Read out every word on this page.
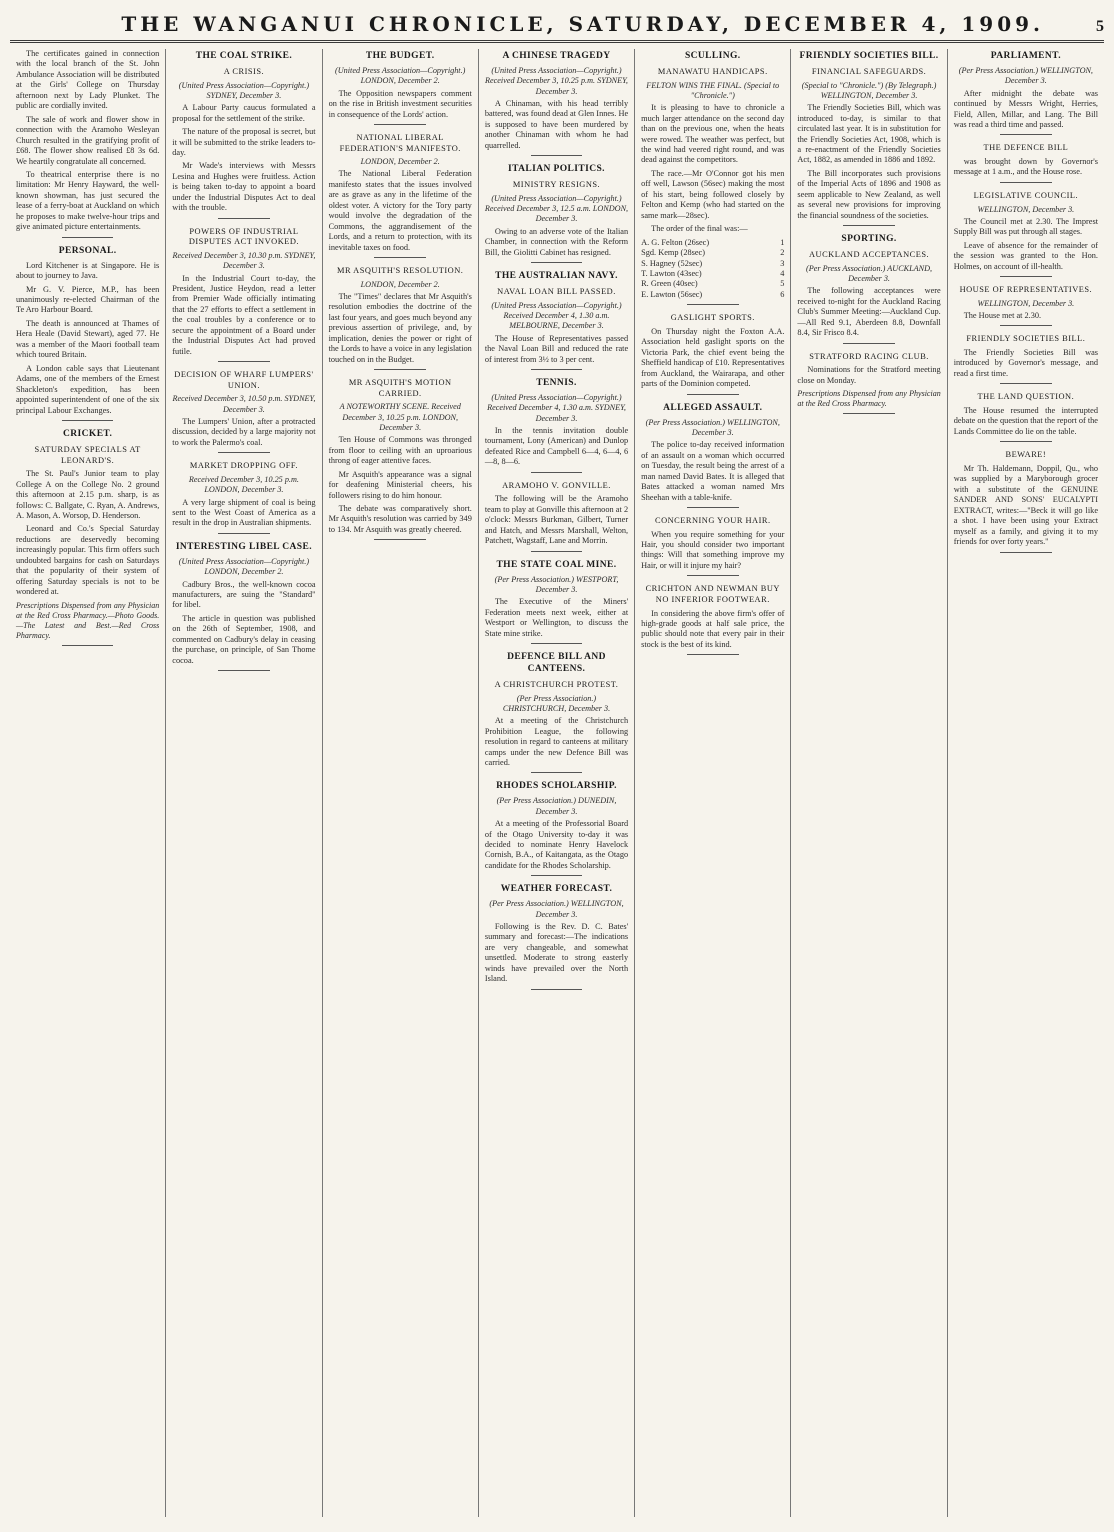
THE WANGANUI CHRONICLE, SATURDAY, DECEMBER 4, 1909.	5

The certificates gained in connection with the local branch of the St. John Ambulance Association will be distributed at the Girls' College on Thursday afternoon next by Lady Plunket. The public are cordially invited.

The sale of work and flower show in connection with the Aramoho Wesleyan Church resulted in the gratifying profit of £68. The flower show realised £8 3s 6d. We heartily congratulate all concerned.

To theatrical enterprise there is no limitation: Mr Henry Hayward, the well-known showman, has just secured the lease of a ferry-boat at Auckland on which he proposes to make twelve-hour trips and give animated picture entertainments.

PERSONAL.

Lord Kitchener is at Singapore. He is about to journey to Java.

Mr G. V. Pierce, M.P., has been unanimously re-elected Chairman of the Te Aro Harbour Board.

The death is announced at Thames of Hera Heale (David Stewart), aged 77. He was a member of the Maori football team which toured Britain.

A London cable says that Lieutenant Adams, one of the members of the Ernest Shackleton's expedition, has been appointed superintendent of one of the six principal Labour Exchanges.

CRICKET.
SATURDAY SPECIALS AT LEONARD'S.

The St. Paul's Junior team to play College A on the College No. 2 ground this afternoon at 2.15 p.m. sharp, is as follows: C. Ballgate, C. Ryan, A. Andrews, A. Mason, A. Worsop, D. Henderson.

Leonard and Co.'s Special Saturday reductions are deservedly becoming increasingly popular. This firm offers such undoubted bargains for cash on Saturdays that the popularity of their system of offering Saturday specials is not to be wondered at.

Prescriptions Dispensed from any Physician at the Red Cross Pharmacy.—Photo Goods.—The Latest and Best.—Red Cross Pharmacy.
THE COAL STRIKE.
A CRISIS.
(United Press Association—Copyright.) SYDNEY, December 3.

A Labour Party caucus formulated a proposal for the settlement of the strike.

The nature of the proposal is secret, but it will be submitted to the strike leaders to-day.

Mr Wade's interviews with Messrs Lesina and Hughes were fruitless. Action is being taken to-day to appoint a board under the Industrial Disputes Act to deal with the trouble.

POWERS OF INDUSTRIAL DISPUTES ACT INVOKED.
Received December 3, 10.30 p.m. SYDNEY, December 3.

In the Industrial Court to-day, the President, Justice Heydon, read a letter from Premier Wade officially intimating that the 27 efforts to effect a settlement in the coal troubles by a conference or to secure the appointment of a Board under the Industrial Disputes Act had proved futile.

DECISION OF WHARF LUMPERS' UNION.
Received December 3, 10.50 p.m. SYDNEY, December 3.

The Lumpers' Union, after a protracted discussion, decided by a large majority not to work the Palermo's coal.

MARKET DROPPING OFF.
Received December 3, 10.25 p.m. LONDON, December 3.

A very large shipment of coal is being sent to the West Coast of America as a result in the drop in Australian shipments.

INTERESTING LIBEL CASE.
(United Press Association—Copyright.) LONDON, December 2.

Cadbury Bros., the well-known cocoa manufacturers, are suing the "Standard" for libel.

The article in question was published on the 26th of September, 1908, and commented on Cadbury's delay in ceasing the purchase, on principle, of San Thome cocoa.

THE BUDGET.
(United Press Association—Copyright.) LONDON, December 2.

The Opposition newspapers comment on the rise in British investment securities in consequence of the Lords' action.

NATIONAL LIBERAL FEDERATION'S MANIFESTO.
LONDON, December 2.

The National Liberal Federation manifesto states that the issues involved are as grave as any in the lifetime of the oldest voter. A victory for the Tory party would involve the degradation of the Commons, the aggrandisement of the Lords, and a return to protection, with its inevitable taxes on food.

MR ASQUITH'S RESOLUTION.
LONDON, December 2.

The "Times" declares that Mr Asquith's resolution embodies the doctrine of the last four years, and goes much beyond any previous assertion of privilege, and, by implication, denies the power or right of the Lords to have a voice in any legislation touched on in the Budget.

MR ASQUITH'S MOTION CARRIED.
A NOTEWORTHY SCENE. Received December 3, 10.25 p.m. LONDON, December 3.

Ten House of Commons was thronged from floor to ceiling with an uproarious throng of eager attentive faces.

Mr Asquith's appearance was a signal for deafening Ministerial cheers, his followers rising to do him honour.

The debate was comparatively short. Mr Asquith's resolution was carried by 349 to 134. Mr Asquith was greatly cheered.

A CHINESE TRAGEDY
(United Press Association—Copyright.) Received December 3, 10.25 p.m. SYDNEY, December 3.

A Chinaman, with his head terribly battered, was found dead at Glen Innes. He is supposed to have been murdered by another Chinaman with whom he had quarrelled.

ITALIAN POLITICS.
MINISTRY RESIGNS.
(United Press Association—Copyright.) Received December 3, 12.5 a.m. LONDON, December 3.

Owing to an adverse vote of the Italian Chamber, in connection with the Reform Bill, the Giolitti Cabinet has resigned.

THE AUSTRALIAN NAVY.
NAVAL LOAN BILL PASSED.
(United Press Association—Copyright.) Received December 4, 1.30 a.m. MELBOURNE, December 3.

The House of Representatives passed the Naval Loan Bill and reduced the rate of interest from 3½ to 3 per cent.

TENNIS.
(United Press Association—Copyright.) Received December 4, 1.30 a.m. SYDNEY, December 3.

In the tennis invitation double tournament, Lony (American) and Dunlop defeated Rice and Campbell 6—4, 6—4, 6—8, 8—6.

ARAMOHO V. GONVILLE.

The following will be the Aramoho team to play at Gonville this afternoon at 2 o'clock: Messrs Burkman, Gilbert, Turner and Hatch, and Messrs Marshall, Welton, Patchett, Wagstaff, Lane and Morrin.

THE STATE COAL MINE.
(Per Press Association.) WESTPORT, December 3.

The Executive of the Miners' Federation meets next week, either at Westport or Wellington, to discuss the State mine strike.

DEFENCE BILL AND CANTEENS.
A CHRISTCHURCH PROTEST.
(Per Press Association.) CHRISTCHURCH, December 3.

At a meeting of the Christchurch Prohibition League, the following resolution in regard to canteens at military camps under the new Defence Bill was carried.

RHODES SCHOLARSHIP.
(Per Press Association.) DUNEDIN, December 3.

At a meeting of the Professorial Board of the Otago University to-day it was decided to nominate Henry Havelock Cornish, B.A., of Kaitangata, as the Otago candidate for the Rhodes Scholarship.

WEATHER FORECAST.
(Per Press Association.) WELLINGTON, December 3.

Following is the Rev. D. C. Bates' summary and forecast:—The indications are very changeable, and somewhat unsettled. Moderate to strong easterly winds have prevailed over the North Island.

SCULLING.
MANAWATU HANDICAPS.
FELTON WINS THE FINAL. (Special to "Chronicle.")

It is pleasing to have to chronicle a much larger attendance on the second day than on the previous one, when the heats were rowed. The weather was perfect, but the wind had veered right round, and was dead against the competitors.

The race.—Mr O'Connor got his men off well, Lawson (56sec) making the most of his start, being followed closely by Felton and Kemp (who had started on the same mark—28sec).

The order of the final was:—

A. G. Felton (26sec)	1
Sgd. Kemp (28sec)	2
S. Hagney (52sec)	3
T. Lawton (43sec)	4
R. Green (40sec)	5
E. Lawton (56sec)	6
GASLIGHT SPORTS.

On Thursday night the Foxton A.A. Association held gaslight sports on the Victoria Park, the chief event being the Sheffield handicap of £10. Representatives from Auckland, the Wairarapa, and other parts of the Dominion competed.

ALLEGED ASSAULT.
(Per Press Association.) WELLINGTON, December 3.

The police to-day received information of an assault on a woman which occurred on Tuesday, the result being the arrest of a man named David Bates. It is alleged that Bates attacked a woman named Mrs Sheehan with a table-knife.

CONCERNING YOUR HAIR.

When you require something for your Hair, you should consider two important things: Will that something improve my Hair, or will it injure my hair?

CRICHTON AND NEWMAN BUY NO INFERIOR FOOTWEAR.

In considering the above firm's offer of high-grade goods at half sale price, the public should note that every pair in their stock is the best of its kind.

FRIENDLY SOCIETIES BILL.
FINANCIAL SAFEGUARDS.
(Special to "Chronicle.") (By Telegraph.) WELLINGTON, December 3.

The Friendly Societies Bill, which was introduced to-day, is similar to that circulated last year. It is in substitution for the Friendly Societies Act, 1908, which is a re-enactment of the Friendly Societies Act, 1882, as amended in 1886 and 1892.

The Bill incorporates such provisions of the Imperial Acts of 1896 and 1908 as seem applicable to New Zealand, as well as several new provisions for improving the financial soundness of the societies.

SPORTING.
AUCKLAND ACCEPTANCES.
(Per Press Association.) AUCKLAND, December 3.

The following acceptances were received to-night for the Auckland Racing Club's Summer Meeting:—Auckland Cup.—All Red 9.1, Aberdeen 8.8, Downfall 8.4, Sir Frisco 8.4.

STRATFORD RACING CLUB.

Nominations for the Stratford meeting close on Monday.

Prescriptions Dispensed from any Physician at the Red Cross Pharmacy.
PARLIAMENT.
(Per Press Association.) WELLINGTON, December 3.

After midnight the debate was continued by Messrs Wright, Herries, Field, Allen, Millar, and Lang. The Bill was read a third time and passed.

THE DEFENCE BILL

was brought down by Governor's message at 1 a.m., and the House rose.

LEGISLATIVE COUNCIL.
WELLINGTON, December 3.

The Council met at 2.30. The Imprest Supply Bill was put through all stages.

Leave of absence for the remainder of the session was granted to the Hon. Holmes, on account of ill-health.

HOUSE OF REPRESENTATIVES.
WELLINGTON, December 3.

The House met at 2.30.

FRIENDLY SOCIETIES BILL.

The Friendly Societies Bill was introduced by Governor's message, and read a first time.

THE LAND QUESTION.

The House resumed the interrupted debate on the question that the report of the Lands Committee do lie on the table.

BEWARE!

Mr Th. Haldemann, Doppil, Qu., who was supplied by a Maryborough grocer with a substitute of the GENUINE SANDER AND SONS' EUCALYPTI EXTRACT, writes:—"Beck it will go like a shot. I have been using your Extract myself as a family, and giving it to my friends for over forty years."
